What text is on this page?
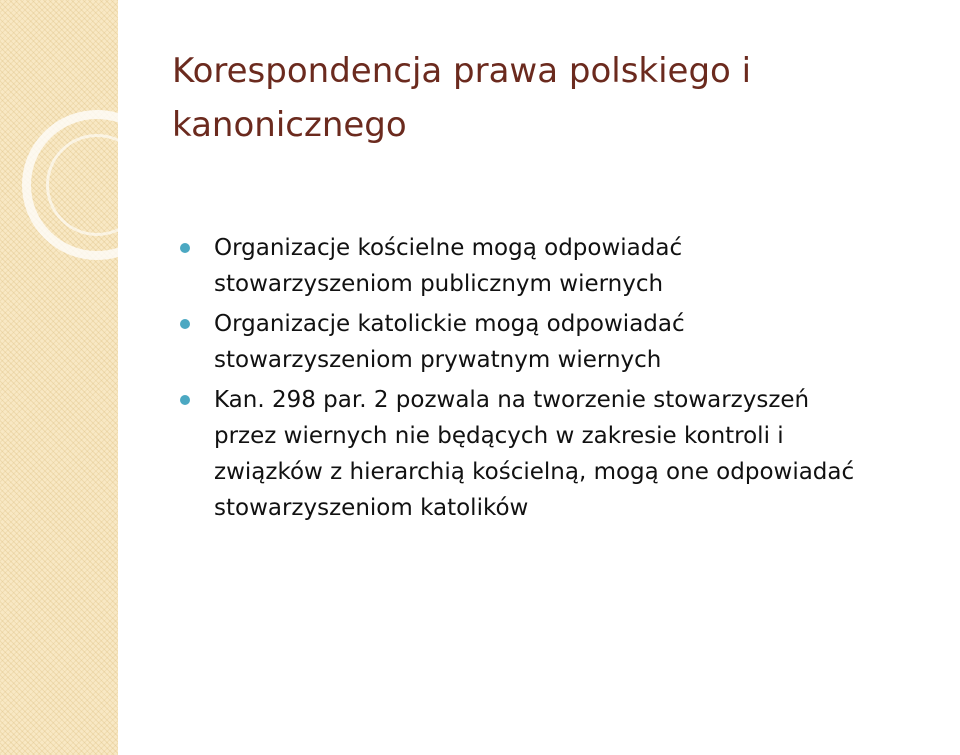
Korespondencja prawa polskiego i
kanonicznego
Organizacje kościelne mogą odpowiadać
stowarzyszeniom publicznym wiernych
Organizacje katolickie mogą odpowiadać
stowarzyszeniom prywatnym wiernych
Kan. 298 par. 2 pozwala na tworzenie stowarzyszeń
przez wiernych nie będących w zakresie kontroli i
związków z hierarchią kościelną, mogą one odpowiadać
stowarzyszeniom katolików
